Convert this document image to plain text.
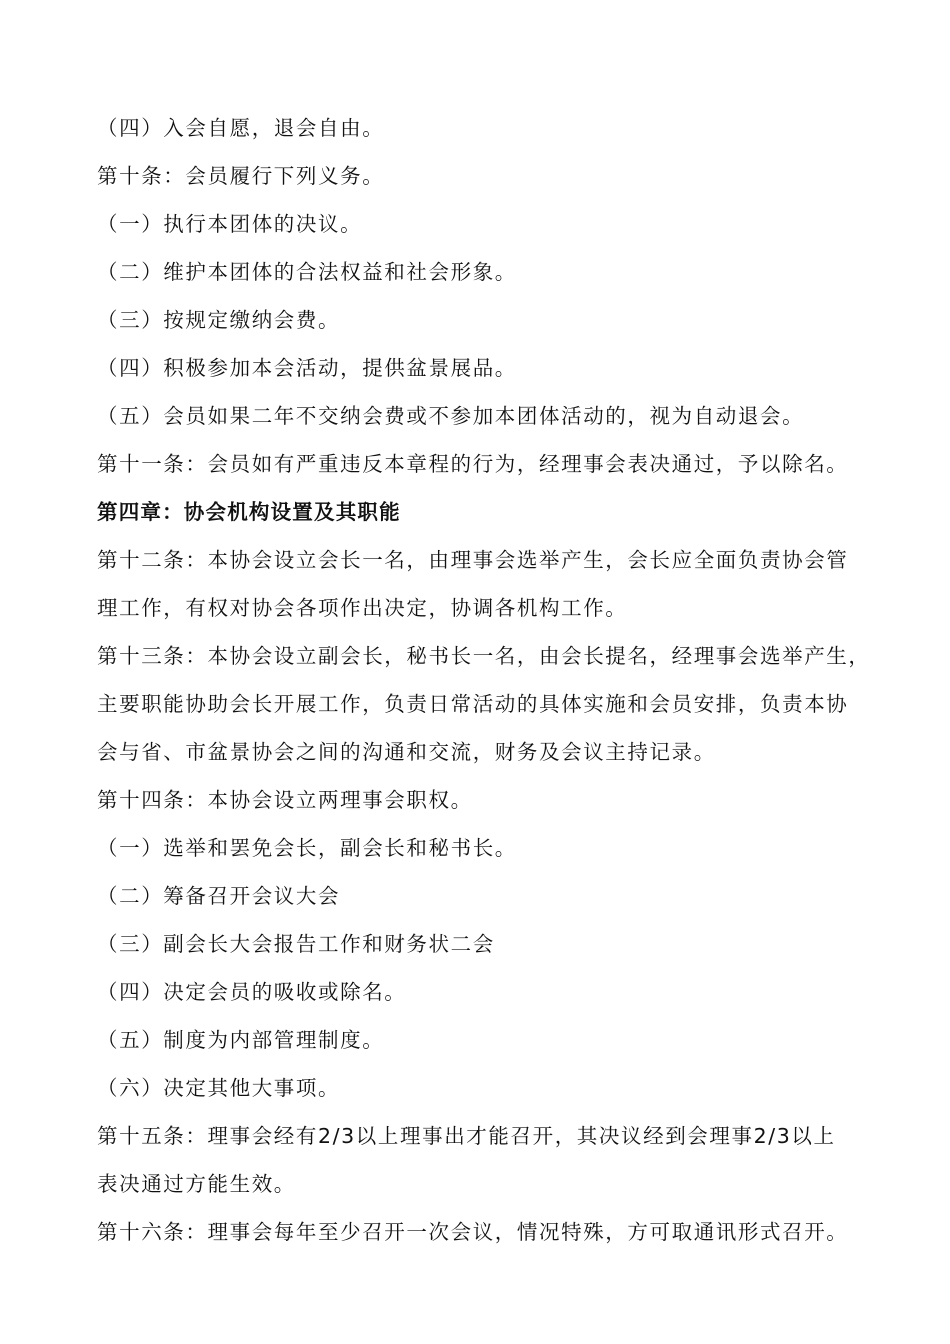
（四）入会自愿，退会自由。
第十条：会员履行下列义务。
（一）执行本团体的决议。
（二）维护本团体的合法权益和社会形象。
（三）按规定缴纳会费。
（四）积极参加本会活动，提供盆景展品。
（五）会员如果二年不交纳会费或不参加本团体活动的，视为自动退会。
第十一条：会员如有严重违反本章程的行为，经理事会表决通过，予以除名。
第四章：协会机构设置及其职能
第十二条：本协会设立会长一名，由理事会选举产生，会长应全面负责协会管
理工作，有权对协会各项作出决定，协调各机构工作。
第十三条：本协会设立副会长，秘书长一名，由会长提名，经理事会选举产生，
主要职能协助会长开展工作，负责日常活动的具体实施和会员安排，负责本协
会与省、市盆景协会之间的沟通和交流，财务及会议主持记录。
第十四条：本协会设立两理事会职权。
（一）选举和罢免会长，副会长和秘书长。
（二）筹备召开会议大会
（三）副会长大会报告工作和财务状二会
（四）决定会员的吸收或除名。
（五）制度为内部管理制度。
（六）决定其他大事项。
第十五条：理事会经有2/3以上理事出才能召开，其决议经到会理事2/3以上
表决通过方能生效。
第十六条：理事会每年至少召开一次会议，情况特殊，方可取通讯形式召开。
